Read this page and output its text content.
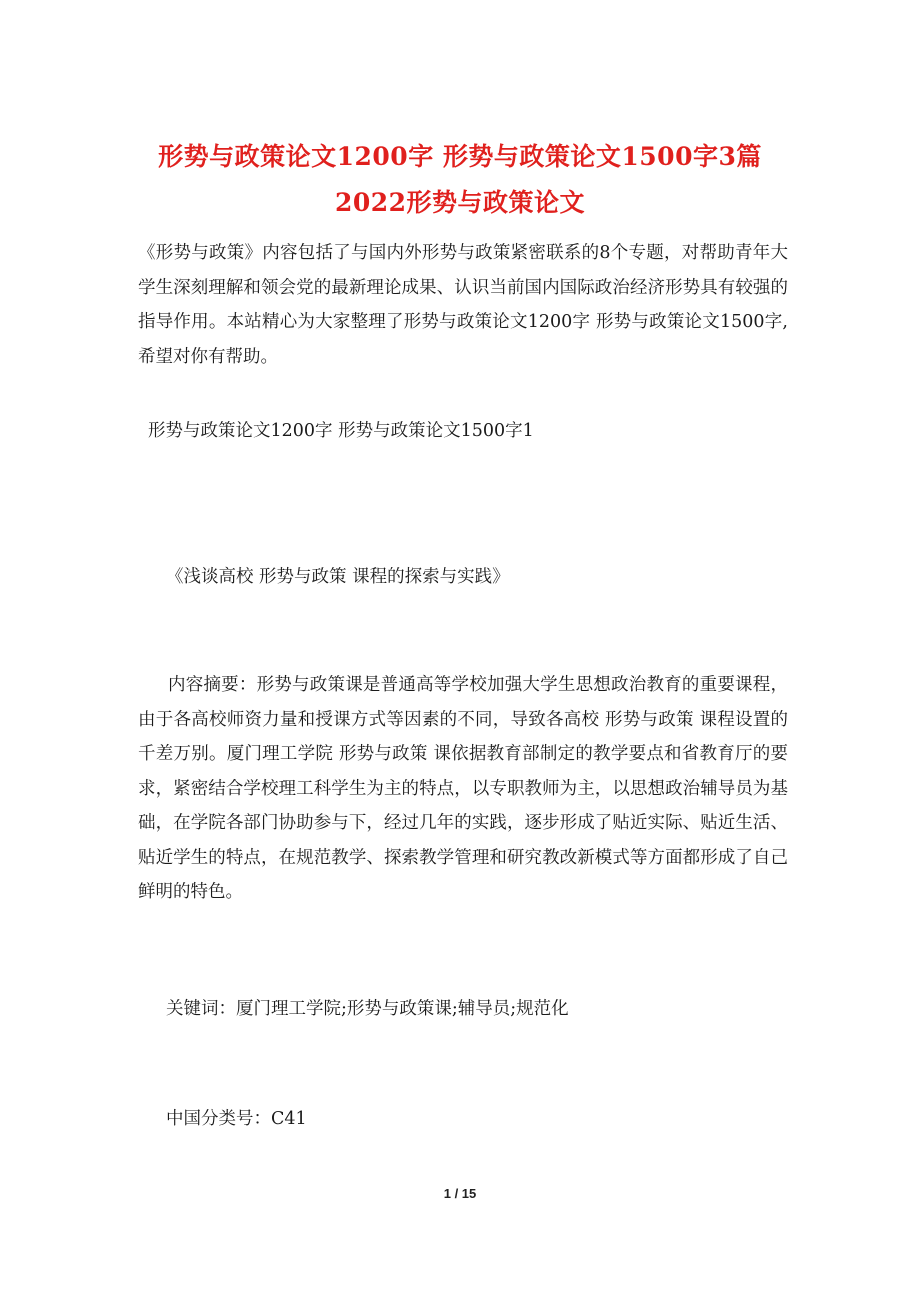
形势与政策论文1200字 形势与政策论文1500字3篇
2022形势与政策论文

《形势与政策》内容包括了与国内外形势与政策紧密联系的8个专题，对帮助青年大学生深刻理解和领会党的最新理论成果、认识当前国内国际政治经济形势具有较强的指导作用。本站精心为大家整理了形势与政策论文1200字 形势与政策论文1500字,希望对你有帮助。

形势与政策论文1200字 形势与政策论文1500字1

《浅谈高校 形势与政策 课程的探索与实践》

内容摘要：形势与政策课是普通高等学校加强大学生思想政治教育的重要课程，由于各高校师资力量和授课方式等因素的不同，导致各高校 形势与政策 课程设置的千差万别。厦门理工学院 形势与政策 课依据教育部制定的教学要点和省教育厅的要求，紧密结合学校理工科学生为主的特点，以专职教师为主，以思想政治辅导员为基础，在学院各部门协助参与下，经过几年的实践，逐步形成了贴近实际、贴近生活、贴近学生的特点，在规范教学、探索教学管理和研究教改新模式等方面都形成了自己鲜明的特色。

关键词：厦门理工学院;形势与政策课;辅导员;规范化

中国分类号：C41

1 / 15
